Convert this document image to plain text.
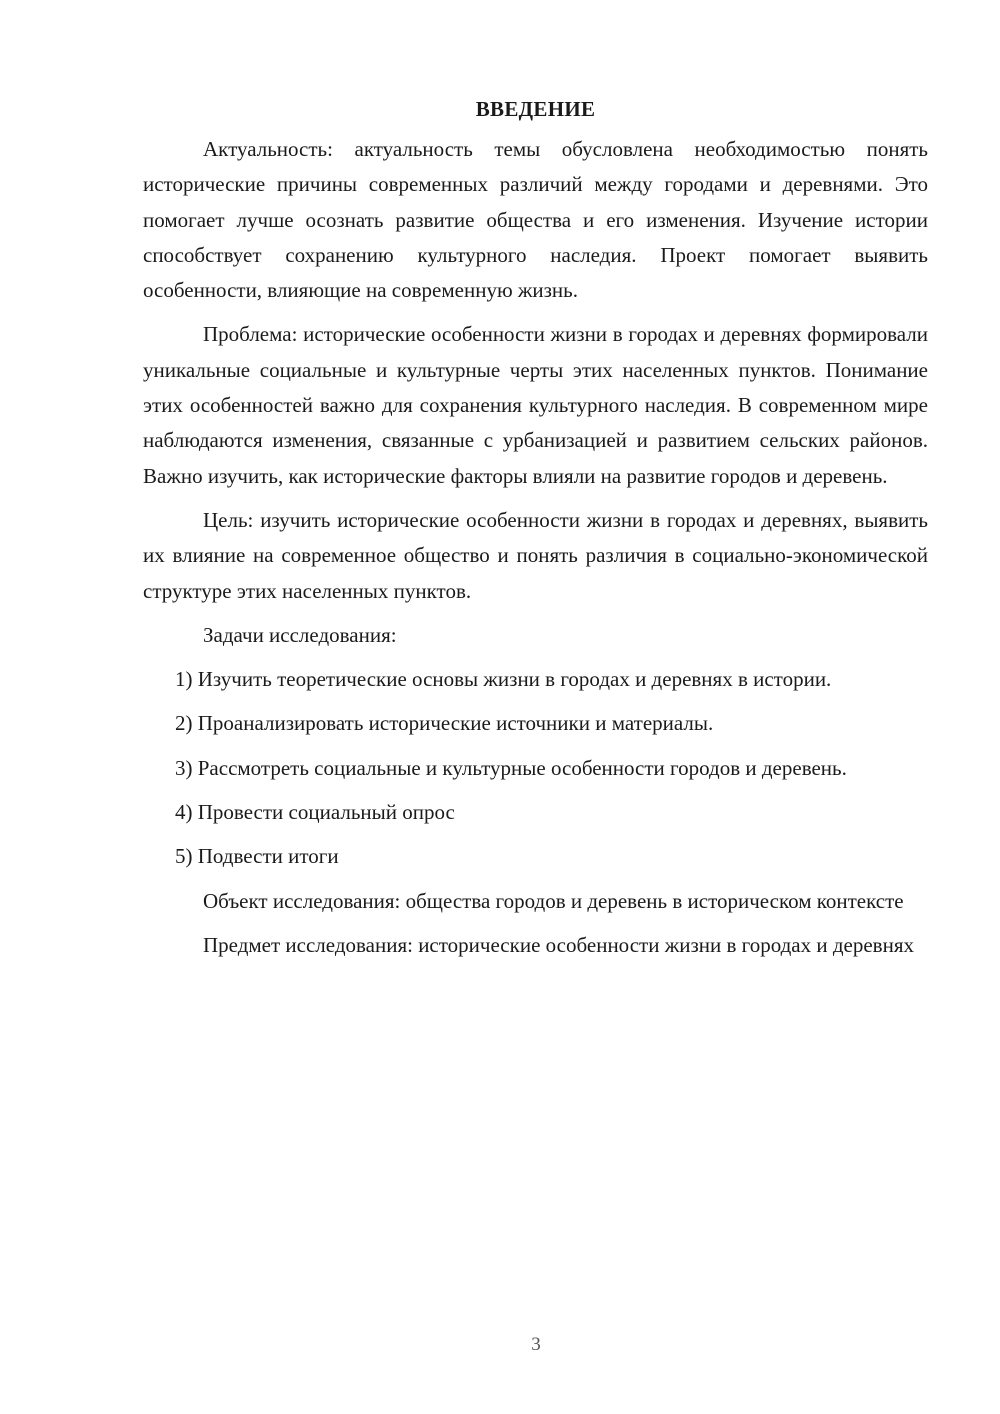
ВВЕДЕНИЕ

Актуальность: актуальность темы обусловлена необходимостью понять исторические причины современных различий между городами и деревнями. Это помогает лучше осознать развитие общества и его изменения. Изучение истории способствует сохранению культурного наследия. Проект помогает выявить особенности, влияющие на современную жизнь.

Проблема: исторические особенности жизни в городах и деревнях формировали уникальные социальные и культурные черты этих населенных пунктов. Понимание этих особенностей важно для сохранения культурного наследия. В современном мире наблюдаются изменения, связанные с урбанизацией и развитием сельских районов. Важно изучить, как исторические факторы влияли на развитие городов и деревень.

Цель: изучить исторические особенности жизни в городах и деревнях, выявить их влияние на современное общество и понять различия в социально-экономической структуре этих населенных пунктов.

Задачи исследования:

1) Изучить теоретические основы жизни в городах и деревнях в истории.

2) Проанализировать исторические источники и материалы.

3) Рассмотреть социальные и культурные особенности городов и деревень.

4) Провести социальный опрос

5) Подвести итоги

Объект исследования: общества городов и деревень в историческом контексте

Предмет исследования: исторические особенности жизни в городах и деревнях

3
